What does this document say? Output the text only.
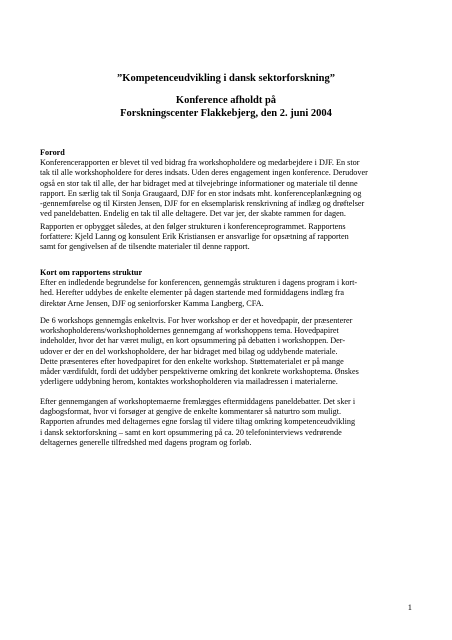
”Kompetenceudvikling i dansk sektorforskning”
Konference afholdt på
Forskningscenter Flakkebjerg, den 2. juni 2004
Forord
Konferencerapporten er blevet til ved bidrag fra workshopholdere og medarbejdere i DJF. En stor
tak til alle workshopholdere for deres indsats. Uden deres engagement ingen konference. Derudover
også en stor tak til alle, der har bidraget med at tilvejebringe informationer og materiale til denne
rapport. En særlig tak til Sonja Graugaard, DJF for en stor indsats mht. konferenceplanlægning og
-gennemførelse og til Kirsten Jensen, DJF for en eksemplarisk renskrivning af indlæg og drøftelser
ved paneldebatten. Endelig en tak til alle deltagere. Det var jer, der skabte rammen for dagen.
Rapporten er opbygget således, at den følger strukturen i konferenceprogrammet. Rapportens
forfattere: Kjeld Lanng og konsulent Erik Kristiansen er ansvarlige for opsætning af rapporten
samt for gengivelsen af de tilsendte materialer til denne rapport.
Kort om rapportens struktur
Efter en indledende begrundelse for konferencen, gennemgås strukturen i dagens program i kort-
hed. Herefter uddybes de enkelte elementer på dagen startende med formiddagens indlæg fra
direktør Arne Jensen, DJF og seniorforsker Kamma Langberg, CFA.
De 6 workshops gennemgås enkeltvis. For hver workshop er der et hovedpapir, der præsenterer
workshopholderens/workshopholdernes gennemgang af workshoppens tema. Hovedpapiret
indeholder, hvor det har været muligt, en kort opsummering på debatten i workshoppen. Der-
udover er der en del workshopholdere, der har bidraget med bilag og uddybende materiale.
Dette præsenteres efter hovedpapiret for den enkelte workshop. Støttematerialet er på mange
måder værdifuldt, fordi det uddyber perspektiverne omkring det konkrete workshoptema. Ønskes
yderligere uddybning herom, kontaktes workshopholderen via mailadressen i materialerne.
Efter gennemgangen af workshoptemaerne fremlægges eftermiddagens paneldebatter. Det sker i
dagbogsformat, hvor vi forsøger at gengive de enkelte kommentarer så naturtro som muligt.
Rapporten afrundes med deltagernes egne forslag til videre tiltag omkring kompetenceudvikling
i dansk sektorforskning – samt en kort opsummering på ca. 20 telefoninterviews vedrørende
deltagernes generelle tilfredshed med dagens program og forløb.
1
